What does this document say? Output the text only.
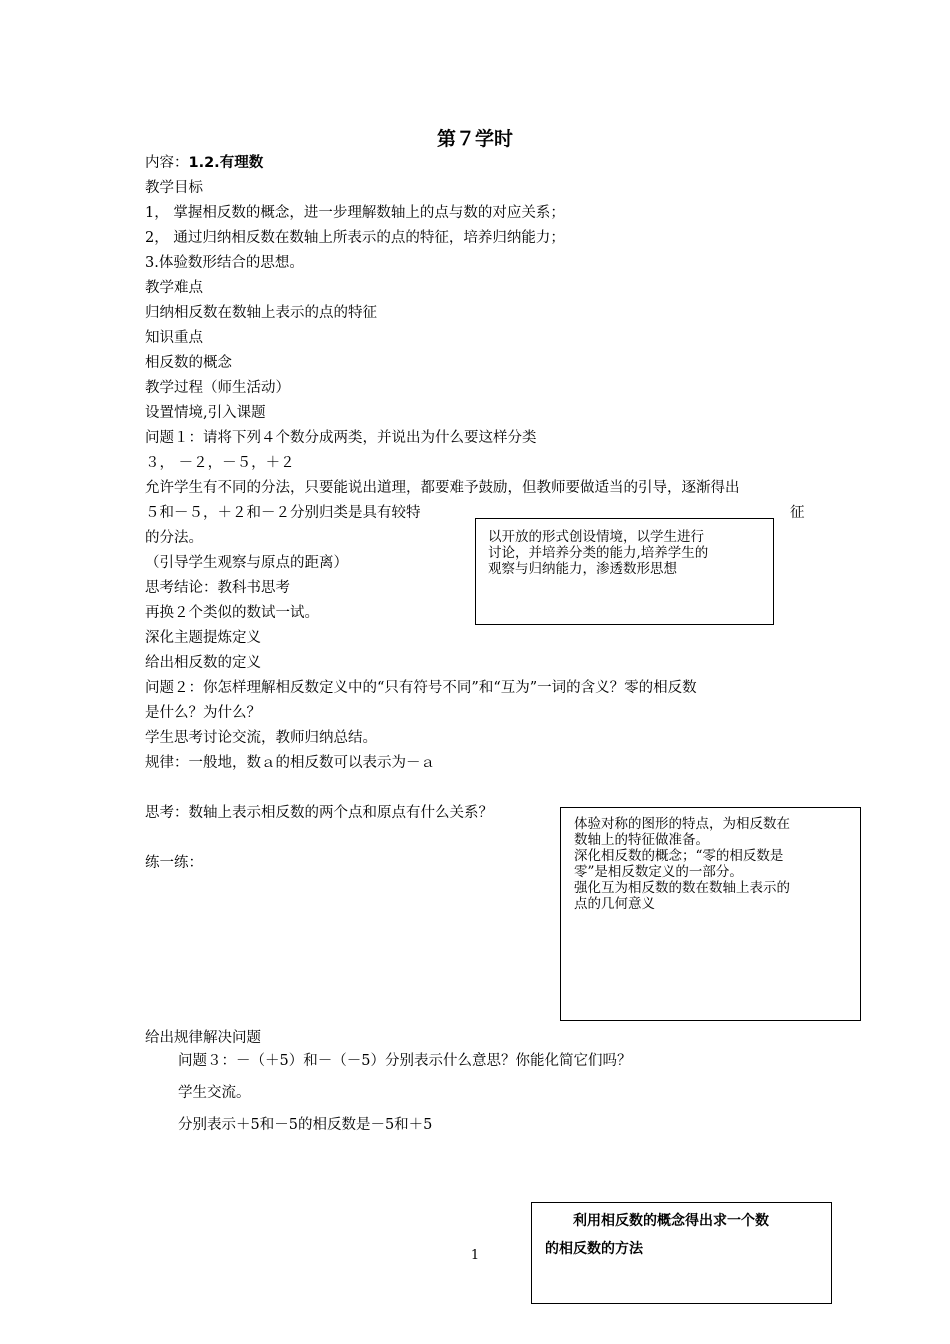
第７学时
内容：1.2.有理数
教学目标
1， 掌握相反数的概念，进一步理解数轴上的点与数的对应关系；
2， 通过归纳相反数在数轴上所表示的点的特征，培养归纳能力；
3.体验数形结合的思想。
教学难点
归纳相反数在数轴上表示的点的特征
知识重点
相反数的概念
教学过程（师生活动）
设置情境,引入课题
问题１：请将下列４个数分成两类，并说出为什么要这样分类
３， －２，－５，＋２
允许学生有不同的分法，只要能说出道理，都要难予鼓励，但教师要做适当的引导，逐渐得出
５和－５，＋２和－２分别归类是具有较特	征
的分法。
（引导学生观察与原点的距离）
思考结论：教科书思考
再换２个类似的数试一试。
深化主题提炼定义
给出相反数的定义
问题２：你怎样理解相反数定义中的“只有符号不同”和“互为”一词的含义？零的相反数
是什么？为什么？
学生思考讨论交流，教师归纳总结。
规律：一般地，数ａ的相反数可以表示为－ａ
思考：数轴上表示相反数的两个点和原点有什么关系？
练一练：
给出规律解决问题
问题３：－（＋5）和－（－5）分别表示什么意思？你能化简它们吗？
学生交流。
分别表示＋5和－5的相反数是－5和＋5

以开放的形式创设情境，以学生进行

讨论，并培养分类的能力,培养学生的

观察与归纳能力，渗透数形思想

体验对称的图形的特点，为相反数在

数轴上的特征做准备。

深化相反数的概念；“零的相反数是

零”是相反数定义的一部分。

强化互为相反数的数在数轴上表示的

点的几何意义

　　利用相反数的概念得出求一个数

的相反数的方法

1
